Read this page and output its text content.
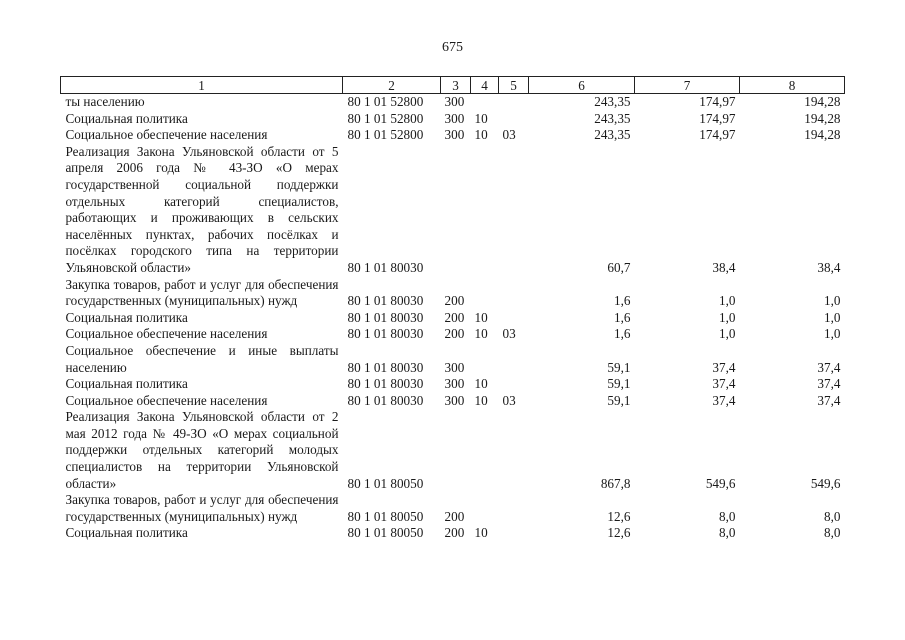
675
1	2	3	4	5	6	7	8
ты населению	80 1 01 52800	300			243,35	174,97	194,28
Социальная политика	80 1 01 52800	300	10		243,35	174,97	194,28
Социальное обеспечение населения	80 1 01 52800	300	10	03	243,35	174,97	194,28
Реализация Закона Ульяновской области от 5 апреля 2006 года № 43-ЗО «О мерах государственной социальной поддержки отдельных категорий специалистов, работающих и проживающих в сельских населённых пунктах, рабочих посёлках и посёлках городского типа на территории Ульяновской области»	80 1 01 80030				60,7	38,4	38,4
Закупка товаров, работ и услуг для обеспечения государственных (муниципальных) нужд	80 1 01 80030	200			1,6	1,0	1,0
Социальная политика	80 1 01 80030	200	10		1,6	1,0	1,0
Социальное обеспечение населения	80 1 01 80030	200	10	03	1,6	1,0	1,0
Социальное обеспечение и иные выплаты населению	80 1 01 80030	300			59,1	37,4	37,4
Социальная политика	80 1 01 80030	300	10		59,1	37,4	37,4
Социальное обеспечение населения	80 1 01 80030	300	10	03	59,1	37,4	37,4
Реализация Закона Ульяновской области от 2 мая 2012 года № 49-ЗО «О мерах социальной поддержки отдельных категорий молодых специалистов на территории Ульяновской области»	80 1 01 80050				867,8	549,6	549,6
Закупка товаров, работ и услуг для обеспечения государственных (муниципальных) нужд	80 1 01 80050	200			12,6	8,0	8,0
Социальная политика	80 1 01 80050	200	10		12,6	8,0	8,0
